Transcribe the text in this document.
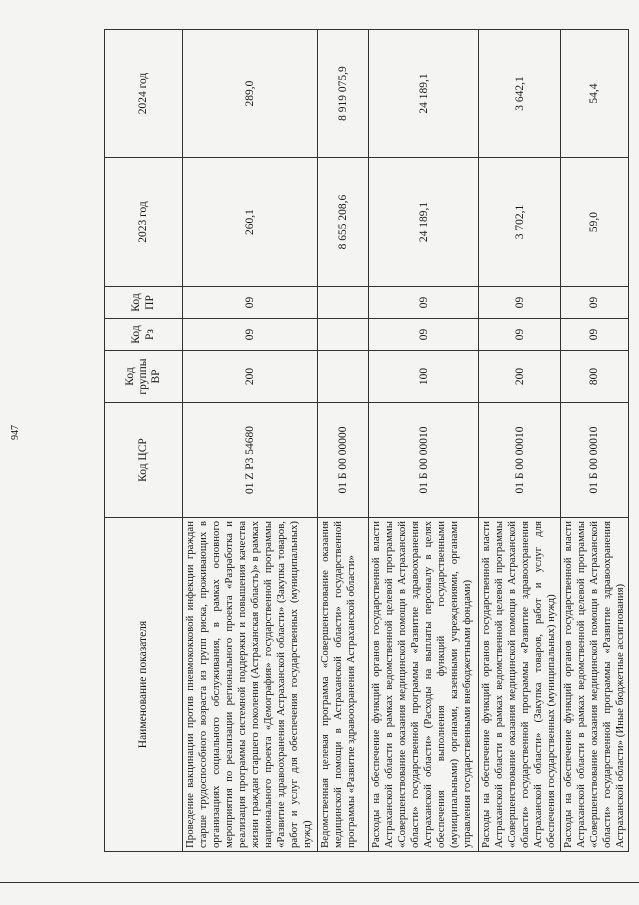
947
Наименование показателя	Код ЦСР	Код группы ВР	Код Рз	Код ПР	2023 год	2024 год
Проведение вакцинации против пневмококковой инфекции граждан старше трудоспособного возраста из групп риска, проживающих в организациях социального обслуживания, в рамках основного мероприятия по реализации регионального проекта «Разработка и реализация программы системной поддержки и повышения качества жизни граждан старшего поколения (Астраханская область)» в рамках национального проекта «Демография» государственной программы «Развитие здравоохранения Астраханской области» (Закупка товаров, работ и услуг для обеспечения государственных (муниципальных) нужд)	01 Z P3 54680	200	09	09	260,1	289,0
Ведомственная целевая программа «Совершенствование оказания медицинской помощи в Астраханской области» государственной программы «Развитие здравоохранения Астраханской области»	01 Б 00 00000				8 655 208,6	8 919 075,9
Расходы на обеспечение функций органов государственной власти Астраханской области в рамках ведомственной целевой программы «Совершенствование оказания медицинской помощи в Астраханской области» государственной программы «Развитие здравоохранения Астраханской области» (Расходы на выплаты персоналу в целях обеспечения выполнения функций государственными (муниципальными) органами, казенными учреждениями, органами управления государственными внебюджетными фондами)	01 Б 00 00010	100	09	09	24 189,1	24 189,1
Расходы на обеспечение функций органов государственной власти Астраханской области в рамках ведомственной целевой программы «Совершенствование оказания медицинской помощи в Астраханской области» государственной программы «Развитие здравоохранения Астраханской области» (Закупка товаров, работ и услуг для обеспечения государственных (муниципальных) нужд)	01 Б 00 00010	200	09	09	3 702,1	3 642,1
Расходы на обеспечение функций органов государственной власти Астраханской области в рамках ведомственной целевой программы «Совершенствование оказания медицинской помощи в Астраханской области» государственной программы «Развитие здравоохранения Астраханской области» (Иные бюджетные ассигнования)	01 Б 00 00010	800	09	09	59,0	54,4
